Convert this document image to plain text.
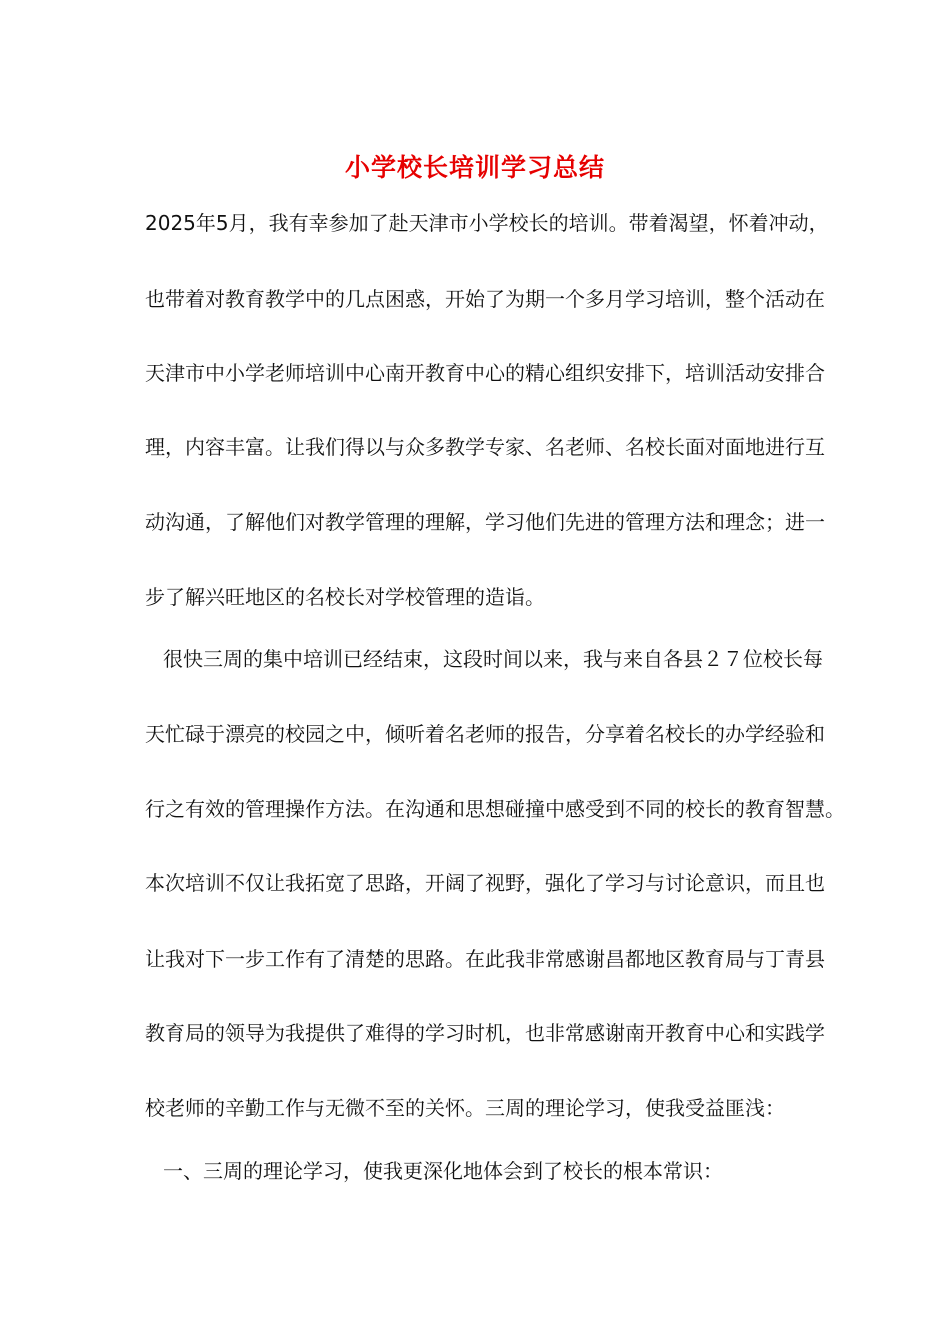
小学校长培训学习总结
2025年5月，我有幸参加了赴天津市小学校长的培训。带着渴望，怀着冲动，
也带着对教育教学中的几点困惑，开始了为期一个多月学习培训，整个活动在
天津市中小学老师培训中心南开教育中心的精心组织安排下，培训活动安排合
理，内容丰富。让我们得以与众多教学专家、名老师、名校长面对面地进行互
动沟通，了解他们对教学管理的理解，学习他们先进的管理方法和理念；进一
步了解兴旺地区的名校长对学校管理的造诣。
很快三周的集中培训已经结束，这段时间以来，我与来自各县２７位校长每
天忙碌于漂亮的校园之中，倾听着名老师的报告，分享着名校长的办学经验和
行之有效的管理操作方法。在沟通和思想碰撞中感受到不同的校长的教育智慧。
本次培训不仅让我拓宽了思路，开阔了视野，强化了学习与讨论意识，而且也
让我对下一步工作有了清楚的思路。在此我非常感谢昌都地区教育局与丁青县
教育局的领导为我提供了难得的学习时机，也非常感谢南开教育中心和实践学
校老师的辛勤工作与无微不至的关怀。三周的理论学习，使我受益匪浅：
一、三周的理论学习，使我更深化地体会到了校长的根本常识：
